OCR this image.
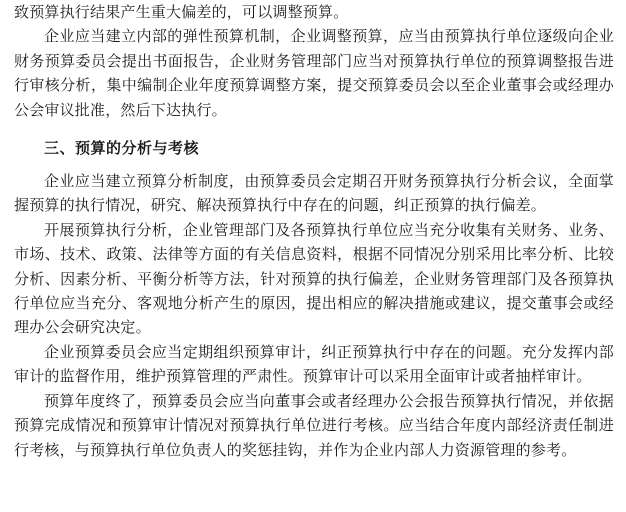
致预算执行结果产生重大偏差的，可以调整预算。

企业应当建立内部的弹性预算机制，企业调整预算，应当由预算执行单位逐级向企业财务预算委员会提出书面报告，企业财务管理部门应当对预算执行单位的预算调整报告进行审核分析，集中编制企业年度预算调整方案，提交预算委员会以至企业董事会或经理办公会审议批准，然后下达执行。

三、预算的分析与考核

企业应当建立预算分析制度，由预算委员会定期召开财务预算执行分析会议，全面掌握预算的执行情况，研究、解决预算执行中存在的问题，纠正预算的执行偏差。

开展预算执行分析，企业管理部门及各预算执行单位应当充分收集有关财务、业务、市场、技术、政策、法律等方面的有关信息资料，根据不同情况分别采用比率分析、比较分析、因素分析、平衡分析等方法，针对预算的执行偏差，企业财务管理部门及各预算执行单位应当充分、客观地分析产生的原因，提出相应的解决措施或建议，提交董事会或经理办公会研究决定。

企业预算委员会应当定期组织预算审计，纠正预算执行中存在的问题。充分发挥内部审计的监督作用，维护预算管理的严肃性。预算审计可以采用全面审计或者抽样审计。

预算年度终了，预算委员会应当向董事会或者经理办公会报告预算执行情况，并依据预算完成情况和预算审计情况对预算执行单位进行考核。应当结合年度内部经济责任制进行考核，与预算执行单位负责人的奖惩挂钩，并作为企业内部人力资源管理的参考。
